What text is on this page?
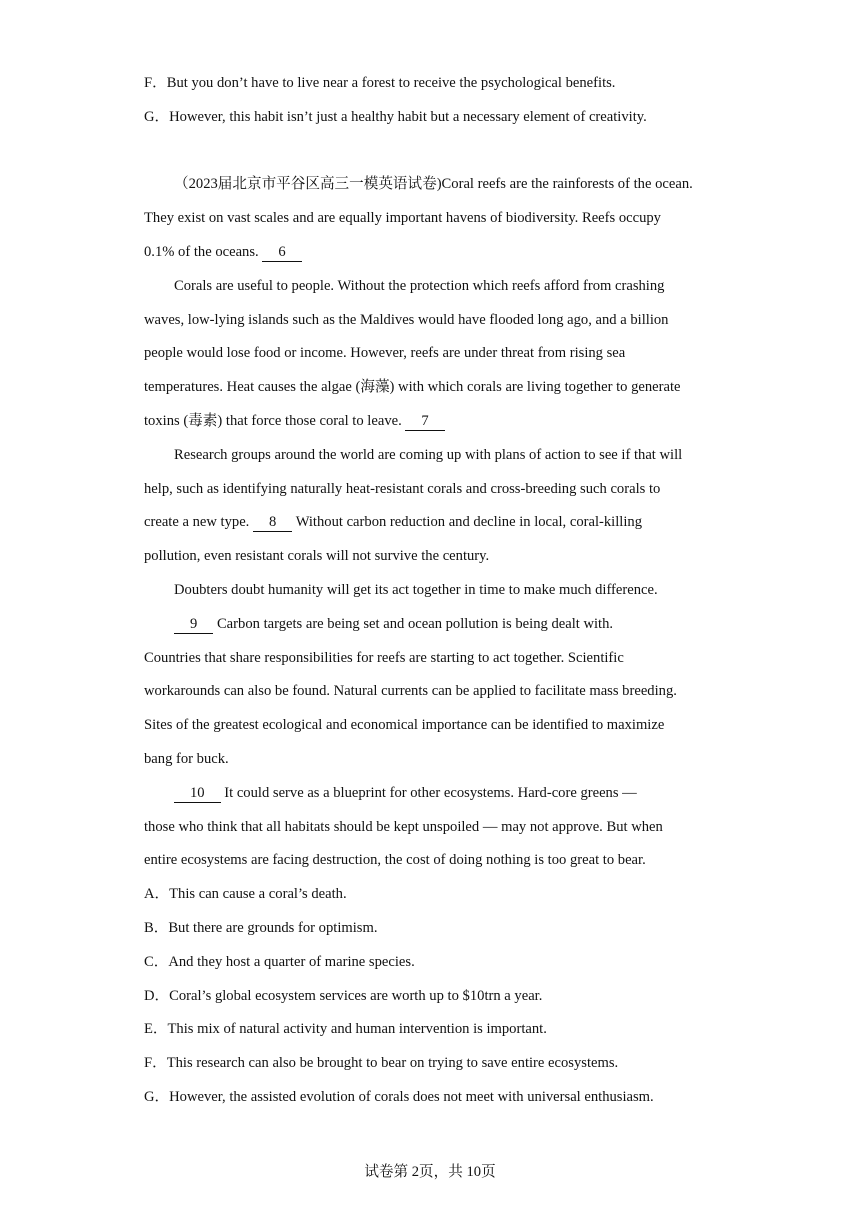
F．But you don’t have to live near a forest to receive the psychological benefits.
G．However, this habit isn’t just a healthy habit but a necessary element of creativity.
（2023届北京市平谷区高三一模英语试卷)Coral reefs are the rainforests of the ocean.
They exist on vast scales and are equally important havens of biodiversity. Reefs occupy
0.1% of the oceans. 6
Corals are useful to people. Without the protection which reefs afford from crashing
waves, low-lying islands such as the Maldives would have flooded long ago, and a billion
people would lose food or income. However, reefs are under threat from rising sea
temperatures. Heat causes the algae (海藻) with which corals are living together to generate
toxins (毒素) that force those coral to leave. 7
Research groups around the world are coming up with plans of action to see if that will
help, such as identifying naturally heat-resistant corals and cross-breeding such corals to
create a new type. 8 Without carbon reduction and decline in local, coral-killing
pollution, even resistant corals will not survive the century.
Doubters doubt humanity will get its act together in time to make much difference.
9 Carbon targets are being set and ocean pollution is being dealt with.
Countries that share responsibilities for reefs are starting to act together. Scientific
workarounds can also be found. Natural currents can be applied to facilitate mass breeding.
Sites of the greatest ecological and economical importance can be identified to maximize
bang for buck.
10 It could serve as a blueprint for other ecosystems. Hard-core greens —
those who think that all habitats should be kept unspoiled — may not approve. But when
entire ecosystems are facing destruction, the cost of doing nothing is too great to bear.
A．This can cause a coral’s death.
B．But there are grounds for optimism.
C．And they host a quarter of marine species.
D．Coral’s global ecosystem services are worth up to $10trn a year.
E．This mix of natural activity and human intervention is important.
F．This research can also be brought to bear on trying to save entire ecosystems.
G．However, the assisted evolution of corals does not meet with universal enthusiasm.
试卷第 2页，共 10页
